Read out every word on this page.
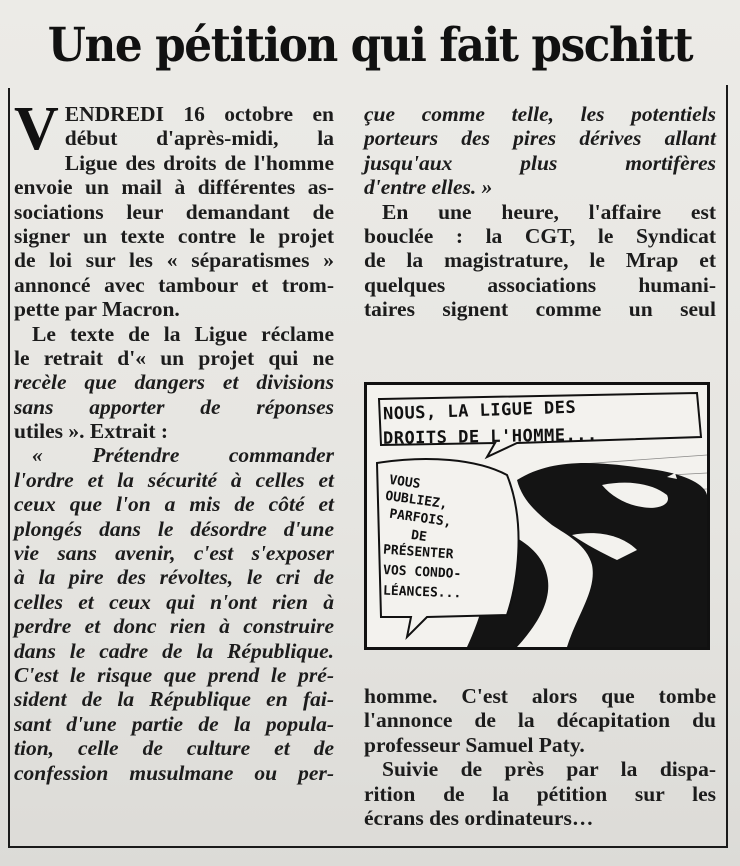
Une pétition qui fait pschitt
V ENDREDI 16 octobre en
début d'après-midi, la
Ligue des droits de l'homme
envoie un mail à différentes as-
sociations leur demandant de
signer un texte contre le projet
de loi sur les « séparatismes »
annoncé avec tambour et trom-
pette par Macron.
Le texte de la Ligue réclame
le retrait d'« un projet qui ne
recèle que dangers et divisions
sans apporter de réponses
utiles ». Extrait :
« Prétendre commander
l'ordre et la sécurité à celles et
ceux que l'on a mis de côté et
plongés dans le désordre d'une
vie sans avenir, c'est s'exposer
à la pire des révoltes, le cri de
celles et ceux qui n'ont rien à
perdre et donc rien à construire
dans le cadre de la République.
C'est le risque que prend le pré-
sident de la République en fai-
sant d'une partie de la popula-
tion, celle de culture et de
confession musulmane ou per-
çue comme telle, les potentiels
porteurs des pires dérives allant
jusqu'aux plus mortifères
d'entre elles. »
En une heure, l'affaire est
bouclée : la CGT, le Syndicat
de la magistrature, le Mrap et
quelques associations humani-
taires signent comme un seul
NOUS, LA LIGUE DES
DROITS DE L'HOMME...
VOUS
OUBLIEZ,
PARFOIS,
DE
PRÉSENTER
VOS CONDO-
LÉANCES...
homme. C'est alors que tombe
l'annonce de la décapitation du
professeur Samuel Paty.
Suivie de près par la dispa-
rition de la pétition sur les
écrans des ordinateurs…
